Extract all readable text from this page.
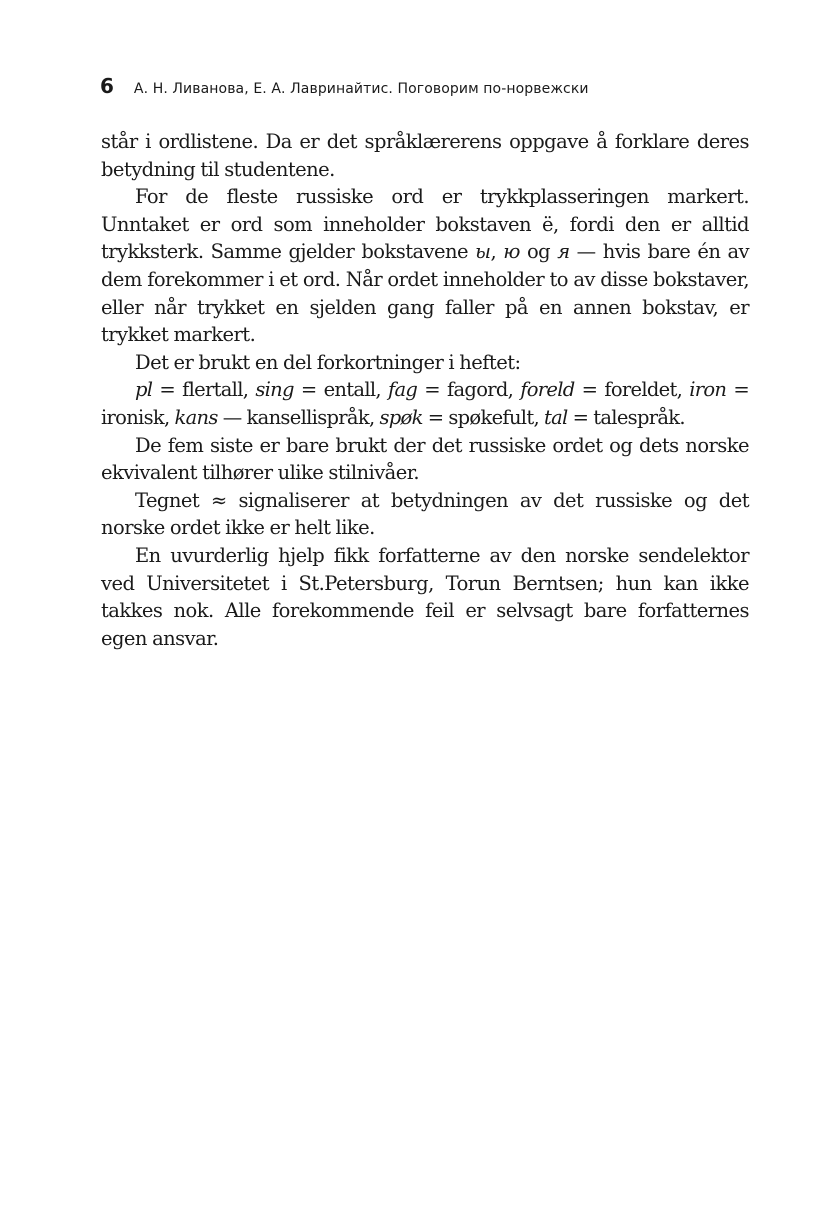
6 А. Н. Ливанова, Е. А. Лавринайтис. Поговорим по-норвежски

står i ordlistene. Da er det språklærerens oppgave å forklare deres betydning til studentene.

For de fleste russiske ord er trykkplasseringen markert. Unntaket er ord som inneholder bokstaven ë, fordi den er alltid trykksterk. Samme gjelder bokstavene ы, ю og я — hvis bare én av dem forekommer i et ord. Når ordet inneholder to av disse bokstaver, eller når trykket en sjelden gang faller på en annen bokstav, er trykket markert.

Det er brukt en del forkortninger i heftet:

pl = flertall, sing = entall, fag = fagord, foreld = foreldet, iron = ironisk, kans — kansellispråk, spøk = spøkefult, tal = talespråk.

De fem siste er bare brukt der det russiske ordet og dets norske ekvivalent tilhører ulike stilnivåer.

Tegnet ≈ signaliserer at betydningen av det russiske og det norske ordet ikke er helt like.

En uvurderlig hjelp fikk forfatterne av den norske sendelektor ved Universitetet i St.Petersburg, Torun Berntsen; hun kan ikke takkes nok. Alle forekommende feil er selvsagt bare forfatternes egen ansvar.
